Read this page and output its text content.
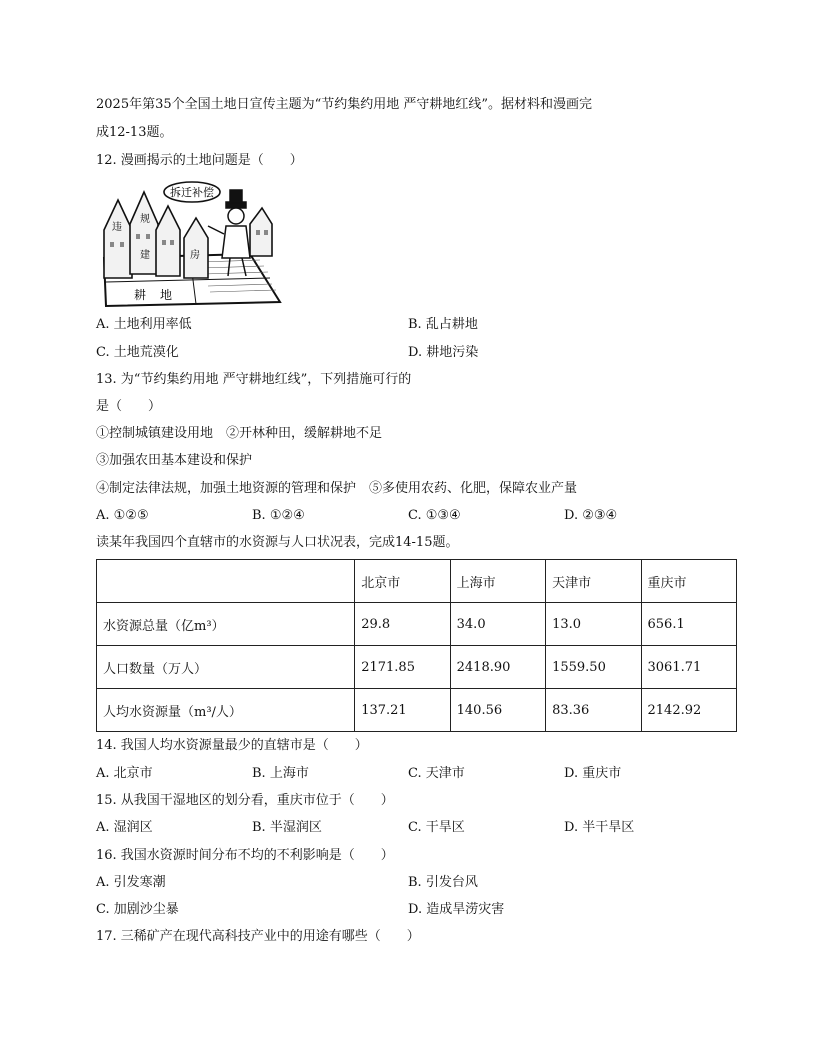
2025年第35个全国土地日宣传主题为“节约集约用地 严守耕地红线”。据材料和漫画完
成12-13题。
12. 漫画揭示的土地问题是（　　）
拆迁补偿
违
规
建	房
耕地
A. 土地利用率低	B. 乱占耕地
C. 土地荒漠化	D. 耕地污染
13. 为“节约集约用地 严守耕地红线”，下列措施可行的
是（　　）
①控制城镇建设用地　②开林种田，缓解耕地不足
③加强农田基本建设和保护
④制定法律法规，加强土地资源的管理和保护　⑤多使用农药、化肥，保障农业产量
A. ①②⑤	B. ①②④	C. ①③④	D. ②③④
读某年我国四个直辖市的水资源与人口状况表，完成14-15题。
	北京市	上海市	天津市	重庆市
水资源总量（亿m³）	29.8	34.0	13.0	656.1
人口数量（万人）	2171.85	2418.90	1559.50	3061.71
人均水资源量（m³/人）	137.21	140.56	83.36	2142.92
14. 我国人均水资源量最少的直辖市是（　　）
A. 北京市	B. 上海市	C. 天津市	D. 重庆市
15. 从我国干湿地区的划分看，重庆市位于（　　）
A. 湿润区	B. 半湿润区	C. 干旱区	D. 半干旱区
16. 我国水资源时间分布不均的不利影响是（　　）
A. 引发寒潮	B. 引发台风
C. 加剧沙尘暴	D. 造成旱涝灾害
17. 三稀矿产在现代高科技产业中的用途有哪些（　　）
